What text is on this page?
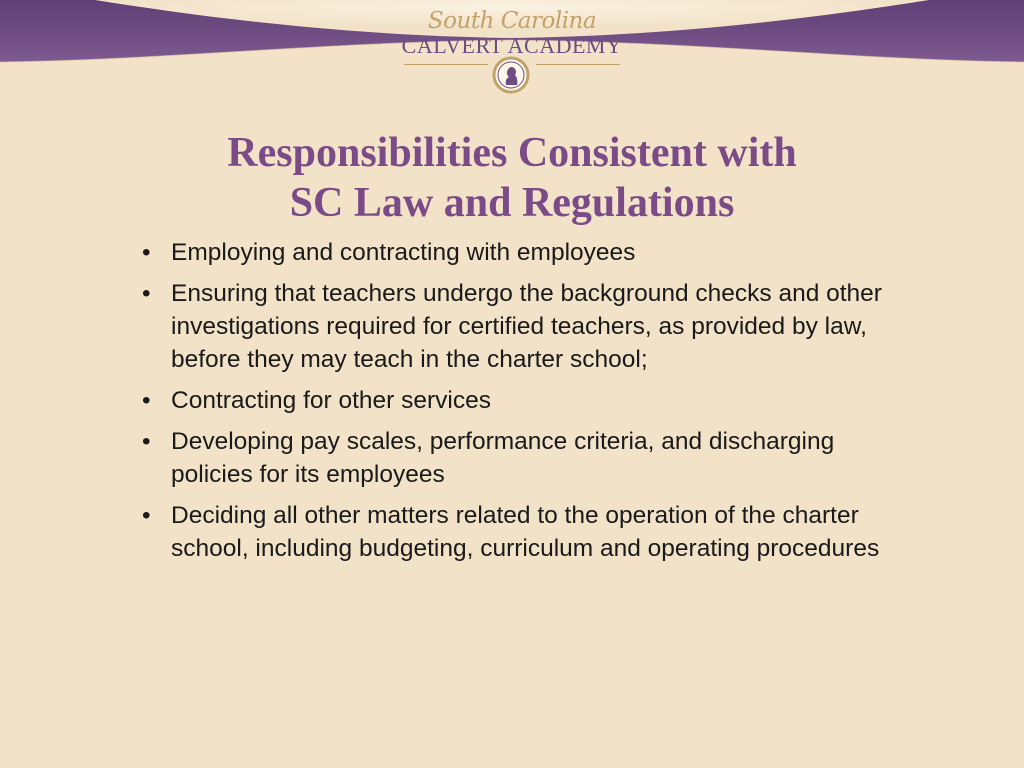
South Carolina
CALVERT ACADEMY
Responsibilities Consistent with
SC Law and Regulations
• Employing and contracting with employees
• Ensuring that teachers undergo the background checks and other investigations required for certified teachers, as provided by law, before they may teach in the charter school;
• Contracting for other services
• Developing pay scales, performance criteria, and discharging policies for its employees
• Deciding all other matters related to the operation of the charter school, including budgeting, curriculum and operating procedures
